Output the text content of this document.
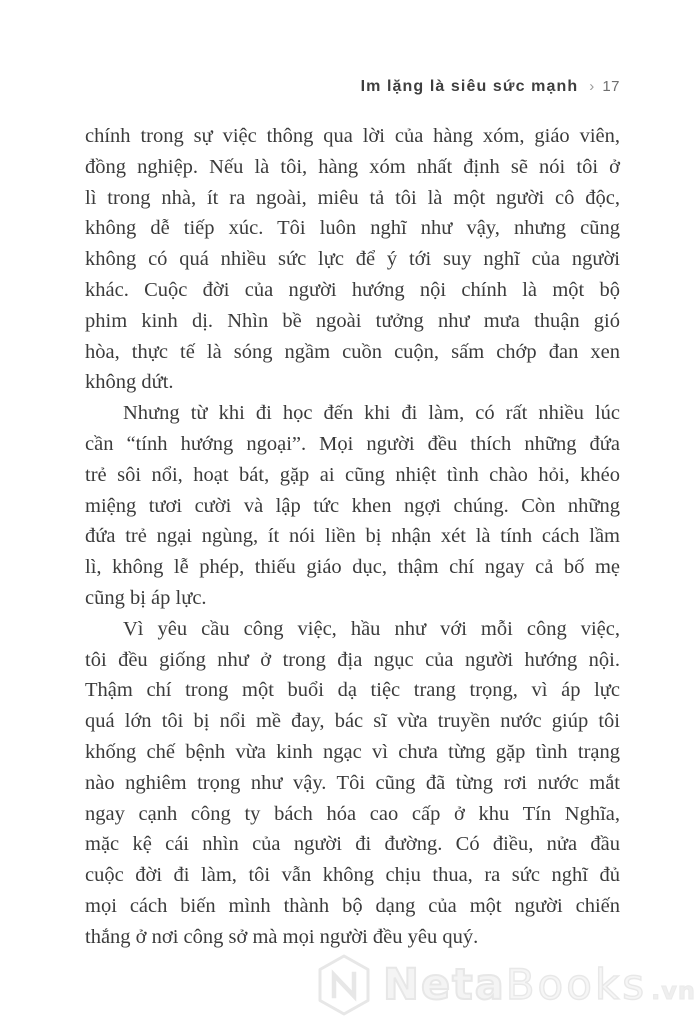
Im lặng là siêu sức mạnh › 17
chính trong sự việc thông qua lời của hàng xóm, giáo viên,
đồng nghiệp. Nếu là tôi, hàng xóm nhất định sẽ nói tôi ở
lì trong nhà, ít ra ngoài, miêu tả tôi là một người cô độc,
không dễ tiếp xúc. Tôi luôn nghĩ như vậy, nhưng cũng
không có quá nhiều sức lực để ý tới suy nghĩ của người
khác. Cuộc đời của người hướng nội chính là một bộ
phim kinh dị. Nhìn bề ngoài tưởng như mưa thuận gió
hòa, thực tế là sóng ngầm cuồn cuộn, sấm chớp đan xen
không dứt.
Nhưng từ khi đi học đến khi đi làm, có rất nhiều lúc
cần “tính hướng ngoại”. Mọi người đều thích những đứa
trẻ sôi nổi, hoạt bát, gặp ai cũng nhiệt tình chào hỏi, khéo
miệng tươi cười và lập tức khen ngợi chúng. Còn những
đứa trẻ ngại ngùng, ít nói liền bị nhận xét là tính cách lầm
lì, không lễ phép, thiếu giáo dục, thậm chí ngay cả bố mẹ
cũng bị áp lực.
Vì yêu cầu công việc, hầu như với mỗi công việc,
tôi đều giống như ở trong địa ngục của người hướng nội.
Thậm chí trong một buổi dạ tiệc trang trọng, vì áp lực
quá lớn tôi bị nổi mề đay, bác sĩ vừa truyền nước giúp tôi
khống chế bệnh vừa kinh ngạc vì chưa từng gặp tình trạng
nào nghiêm trọng như vậy. Tôi cũng đã từng rơi nước mắt
ngay cạnh công ty bách hóa cao cấp ở khu Tín Nghĩa,
mặc kệ cái nhìn của người đi đường. Có điều, nửa đầu
cuộc đời đi làm, tôi vẫn không chịu thua, ra sức nghĩ đủ
mọi cách biến mình thành bộ dạng của một người chiến
thắng ở nơi công sở mà mọi người đều yêu quý.
Neta Books .vn
